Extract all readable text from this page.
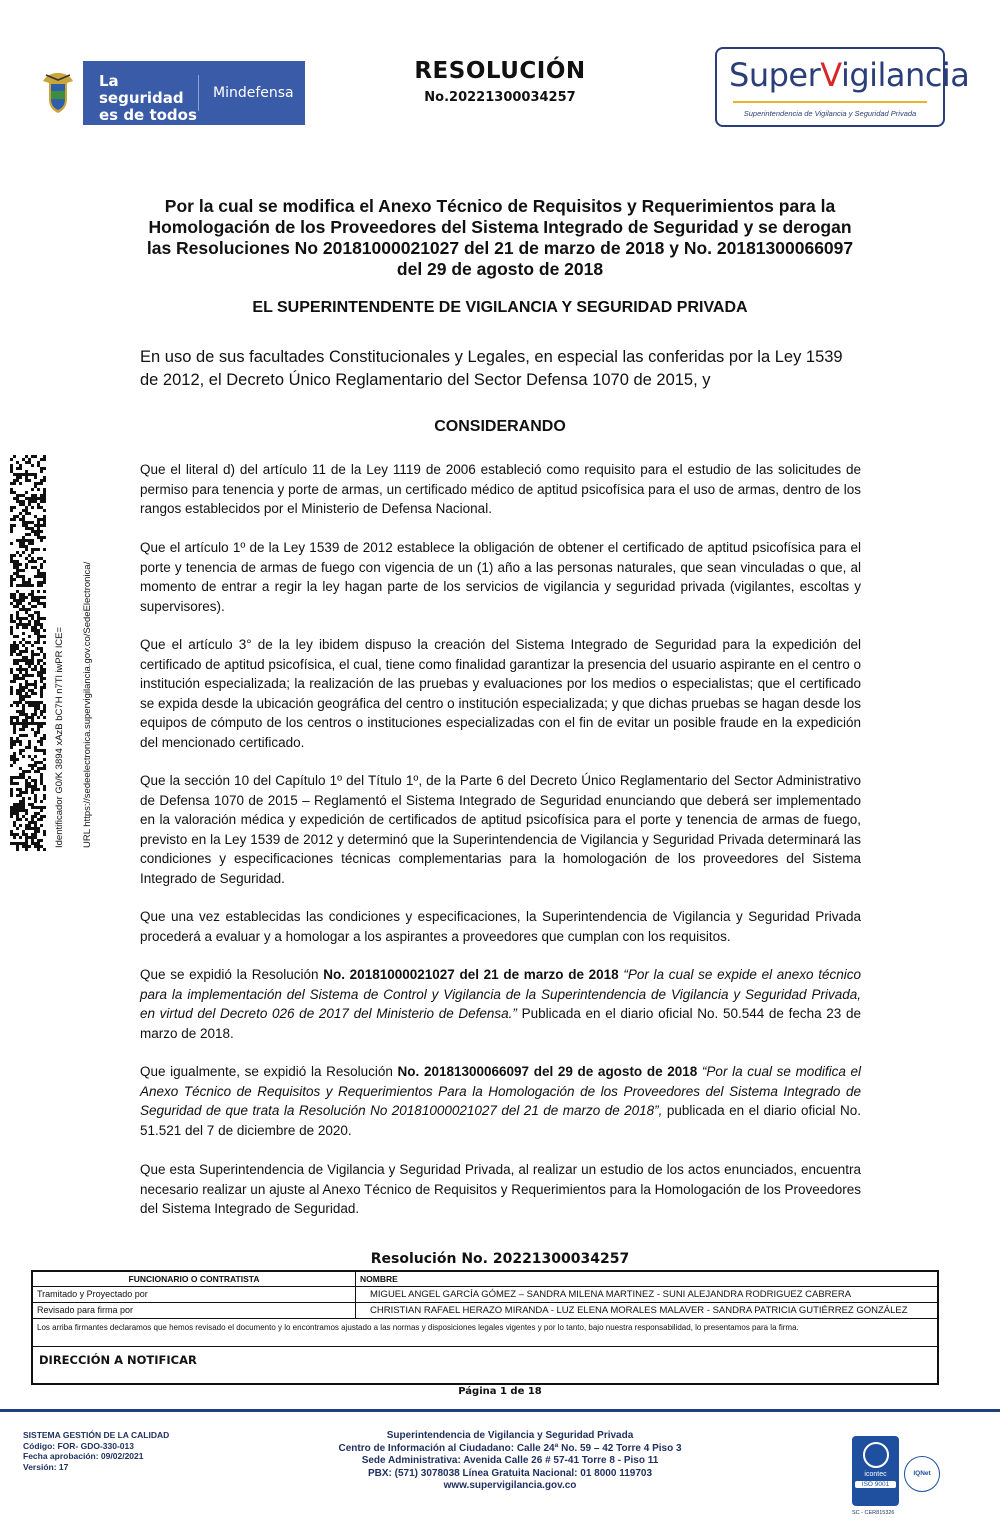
La seguridad
es de todos
Mindefensa
RESOLUCIÓN
No.20221300034257
SuperVigilancia
Superintendencia de Vigilancia y Seguridad Privada
Identificador G0/K 3894 xAzB bC7H n7Tl iwPR lCE= URL https://sedeelectronica.supervigilancia.gov.co/SedeElectronica/
Por la cual se modifica el Anexo Técnico de Requisitos y Requerimientos para la Homologación de los Proveedores del Sistema Integrado de Seguridad y se derogan las Resoluciones No 20181000021027 del 21 de marzo de 2018 y No. 20181300066097 del 29 de agosto de 2018
EL SUPERINTENDENTE DE VIGILANCIA Y SEGURIDAD PRIVADA
En uso de sus facultades Constitucionales y Legales, en especial las conferidas por la Ley 1539 de 2012, el Decreto Único Reglamentario del Sector Defensa 1070 de 2015, y
CONSIDERANDO
Que el literal d) del artículo 11 de la Ley 1119 de 2006 estableció como requisito para el estudio de las solicitudes de permiso para tenencia y porte de armas, un certificado médico de aptitud psicofísica para el uso de armas, dentro de los rangos establecidos por el Ministerio de Defensa Nacional.
Que el artículo 1º de la Ley 1539 de 2012 establece la obligación de obtener el certificado de aptitud psicofísica para el porte y tenencia de armas de fuego con vigencia de un (1) año a las personas naturales, que sean vinculadas o que, al momento de entrar a regir la ley hagan parte de los servicios de vigilancia y seguridad privada (vigilantes, escoltas y supervisores).
Que el artículo 3° de la ley ibidem dispuso la creación del Sistema Integrado de Seguridad para la expedición del certificado de aptitud psicofísica, el cual, tiene como finalidad garantizar la presencia del usuario aspirante en el centro o institución especializada; la realización de las pruebas y evaluaciones por los medios o especialistas; que el certificado se expida desde la ubicación geográfica del centro o institución especializada; y que dichas pruebas se hagan desde los equipos de cómputo de los centros o instituciones especializadas con el fin de evitar un posible fraude en la expedición del mencionado certificado.
Que la sección 10 del Capítulo 1º del Título 1º, de la Parte 6 del Decreto Único Reglamentario del Sector Administrativo de Defensa 1070 de 2015 – Reglamentó el Sistema Integrado de Seguridad enunciando que deberá ser implementado en la valoración médica y expedición de certificados de aptitud psicofísica para el porte y tenencia de armas de fuego, previsto en la Ley 1539 de 2012 y determinó que la Superintendencia de Vigilancia y Seguridad Privada determinará las condiciones y especificaciones técnicas complementarias para la homologación de los proveedores del Sistema Integrado de Seguridad.
Que una vez establecidas las condiciones y especificaciones, la Superintendencia de Vigilancia y Seguridad Privada procederá a evaluar y a homologar a los aspirantes a proveedores que cumplan con los requisitos.
Que se expidió la Resolución No. 20181000021027 del 21 de marzo de 2018 “Por la cual se expide el anexo técnico para la implementación del Sistema de Control y Vigilancia de la Superintendencia de Vigilancia y Seguridad Privada, en virtud del Decreto 026 de 2017 del Ministerio de Defensa.” Publicada en el diario oficial No. 50.544 de fecha 23 de marzo de 2018.
Que igualmente, se expidió la Resolución No. 20181300066097 del 29 de agosto de 2018 “Por la cual se modifica el Anexo Técnico de Requisitos y Requerimientos Para la Homologación de los Proveedores del Sistema Integrado de Seguridad de que trata la Resolución No 20181000021027 del 21 de marzo de 2018”, publicada en el diario oficial No. 51.521 del 7 de diciembre de 2020.
Que esta Superintendencia de Vigilancia y Seguridad Privada, al realizar un estudio de los actos enunciados, encuentra necesario realizar un ajuste al Anexo Técnico de Requisitos y Requerimientos para la Homologación de los Proveedores del Sistema Integrado de Seguridad.
Resolución No. 20221300034257
FUNCIONARIO O CONTRATISTA	NOMBRE
Tramitado y Proyectado por	MIGUEL ANGEL GARCÍA GÓMEZ – SANDRA MILENA MARTINEZ - SUNI ALEJANDRA RODRIGUEZ CABRERA
Revisado para firma por	CHRISTIAN RAFAEL HERAZO MIRANDA - LUZ ELENA MORALES MALAVER - SANDRA PATRICIA GUTIÉRREZ GONZÁLEZ
Los arriba firmantes declaramos que hemos revisado el documento y lo encontramos ajustado a las normas y disposiciones legales vigentes y por lo tanto, bajo nuestra responsabilidad, lo presentamos para la firma.
DIRECCIÓN A NOTIFICAR
Página 1 de 18
SISTEMA GESTIÓN DE LA CALIDAD
Código: FOR- GDO-330-013
Fecha aprobación: 09/02/2021
Versión: 17
Superintendencia de Vigilancia y Seguridad Privada
Centro de Información al Ciudadano: Calle 24ª No. 59 – 42 Torre 4 Piso 3
Sede Administrativa: Avenida Calle 26 # 57-41 Torre 8 - Piso 11
PBX: (571) 3078038 Línea Gratuita Nacional: 01 8000 119703
www.supervigilancia.gov.co
icontec
ISO 9001
IQNet
SC - CER815326
